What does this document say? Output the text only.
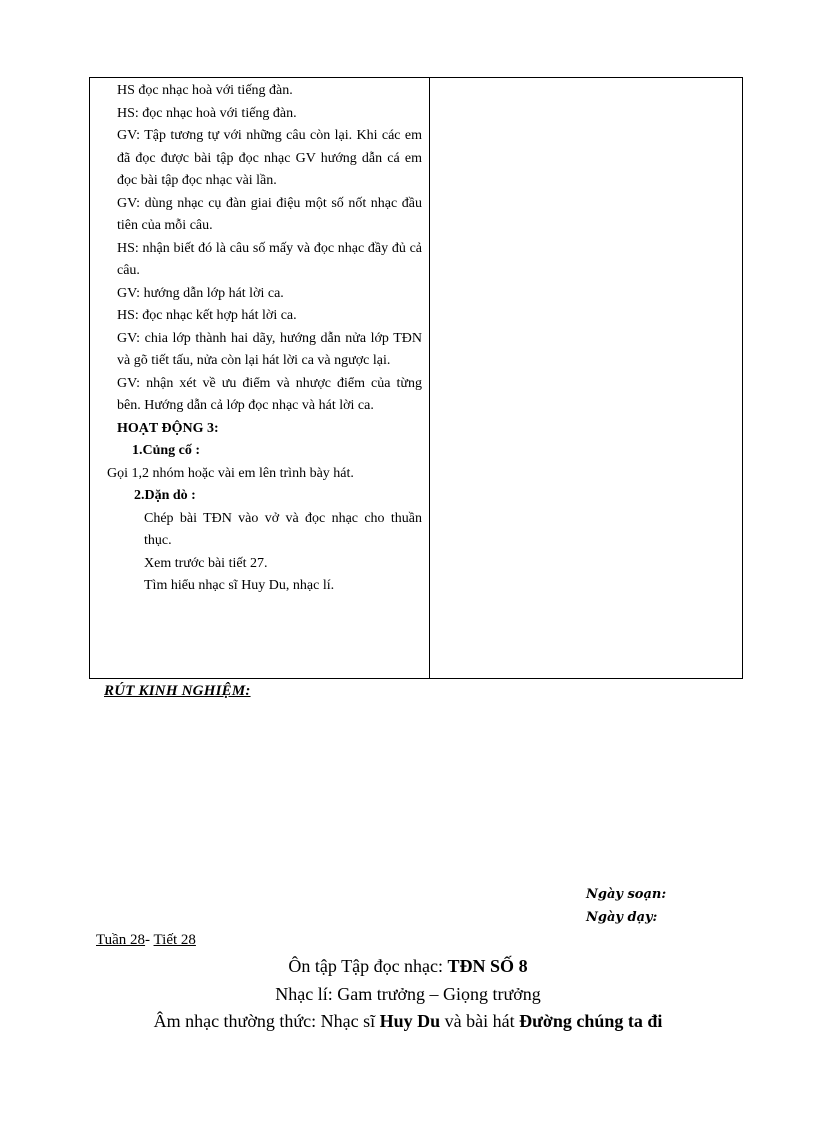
HS đọc nhạc hoà với tiếng đàn.

HS: đọc nhạc hoà với tiếng đàn.

GV: Tập tương tự với những câu còn lại. Khi các em đã đọc được bài tập đọc nhạc GV hướng dẫn cá em đọc bài tập đọc nhạc vài lần.

GV: dùng nhạc cụ đàn giai điệu một số nốt nhạc đầu tiên của mỗi câu.

HS: nhận biết đó là câu số mấy và đọc nhạc đầy đủ cả câu.

GV: hướng dẫn lớp hát lời ca.

HS: đọc nhạc kết hợp hát lời ca.

GV: chia lớp thành hai dãy, hướng dẫn nửa lớp TĐN và gõ tiết tấu, nửa còn lại hát lời ca và ngược lại.

GV: nhận xét về ưu điểm và nhược điểm của từng bên. Hướng dẫn cả lớp đọc nhạc và hát lời ca.

HOẠT ĐỘNG 3:

1.Củng cố :

Gọi 1,2 nhóm hoặc vài em lên trình bày hát.

2.Dặn dò :

Chép bài TĐN vào vở và đọc nhạc cho thuần thục.

Xem trước bài tiết 27.

Tìm hiểu nhạc sĩ Huy Du, nhạc lí.

RÚT KINH NGHIỆM:
Ngày soạn:
Ngày dạy:
Tuần 28- Tiết 28
Ôn tập Tập đọc nhạc: TĐN SỐ 8
Nhạc lí: Gam trưởng – Giọng trưởng
Âm nhạc thường thức: Nhạc sĩ Huy Du và bài hát Đường chúng ta đi
